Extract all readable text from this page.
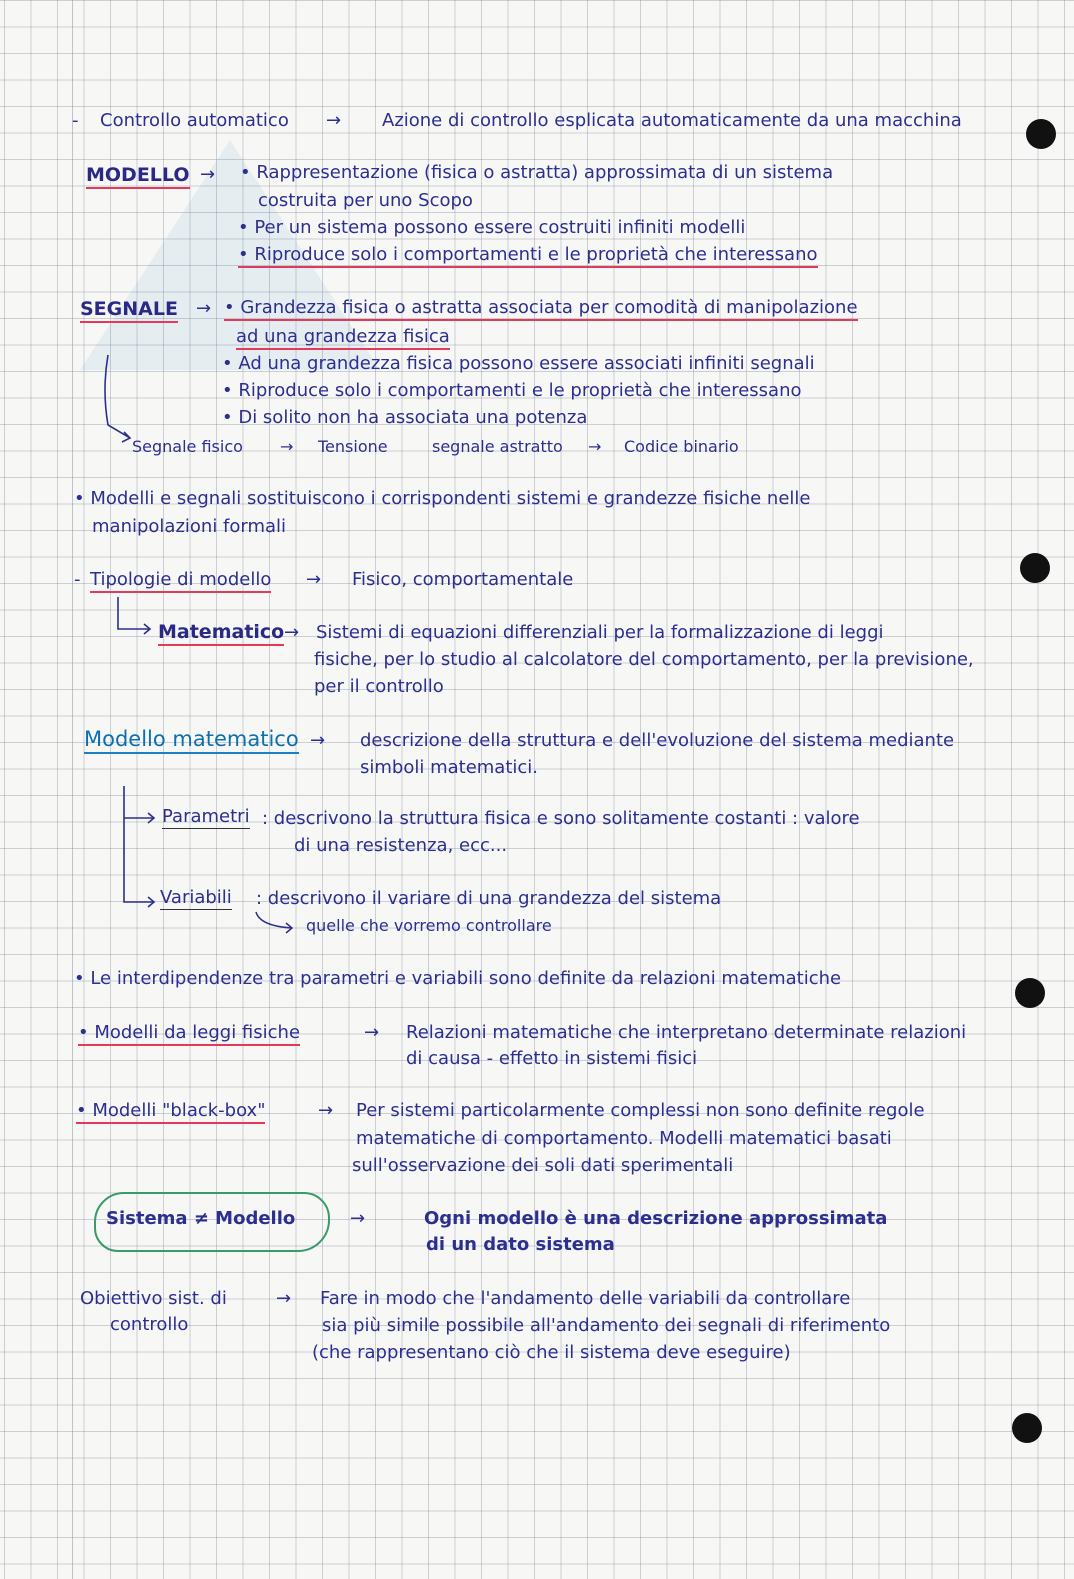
- Controllo automatico → Azione di controllo esplicata automaticamente da una macchina
MODELLO → • Rappresentazione (fisica o astratta) approssimata di un sistema
costruita per uno Scopo
• Per un sistema possono essere costruiti infiniti modelli
• Riproduce solo i comportamenti e le proprietà che interessano
SEGNALE → • Grandezza fisica o astratta associata per comodità di manipolazione
ad una grandezza fisica
• Ad una grandezza fisica possono essere associati infiniti segnali
• Riproduce solo i comportamenti e le proprietà che interessano
• Di solito non ha associata una potenza
Segnale fisico → Tensione	segnale astratto → Codice binario
• Modelli e segnali sostituiscono i corrispondenti sistemi e grandezze fisiche nelle
manipolazioni formali
- Tipologie di modello → Fisico, comportamentale
Matematico → Sistemi di equazioni differenziali per la formalizzazione di leggi
fisiche, per lo studio al calcolatore del comportamento, per la previsione,
per il controllo
Modello matematico → descrizione della struttura e dell'evoluzione del sistema mediante
simboli matematici.
Parametri : descrivono la struttura fisica e sono solitamente costanti : valore
di una resistenza, ecc...
Variabili : descrivono il variare di una grandezza del sistema
quelle che vorremo controllare
• Le interdipendenze tra parametri e variabili sono definite da relazioni matematiche
• Modelli da leggi fisiche	→ Relazioni matematiche che interpretano determinate relazioni
di causa - effetto in sistemi fisici
• Modelli "black-box"	→ Per sistemi particolarmente complessi non sono definite regole
matematiche di comportamento. Modelli matematici basati
sull'osservazione dei soli dati sperimentali
Sistema ≠ Modello	→	Ogni modello è una descrizione approssimata
di un dato sistema
Obiettivo sist. di
controllo
→ Fare in modo che l'andamento delle variabili da controllare
sia più simile possibile all'andamento dei segnali di riferimento
(che rappresentano ciò che il sistema deve eseguire)
